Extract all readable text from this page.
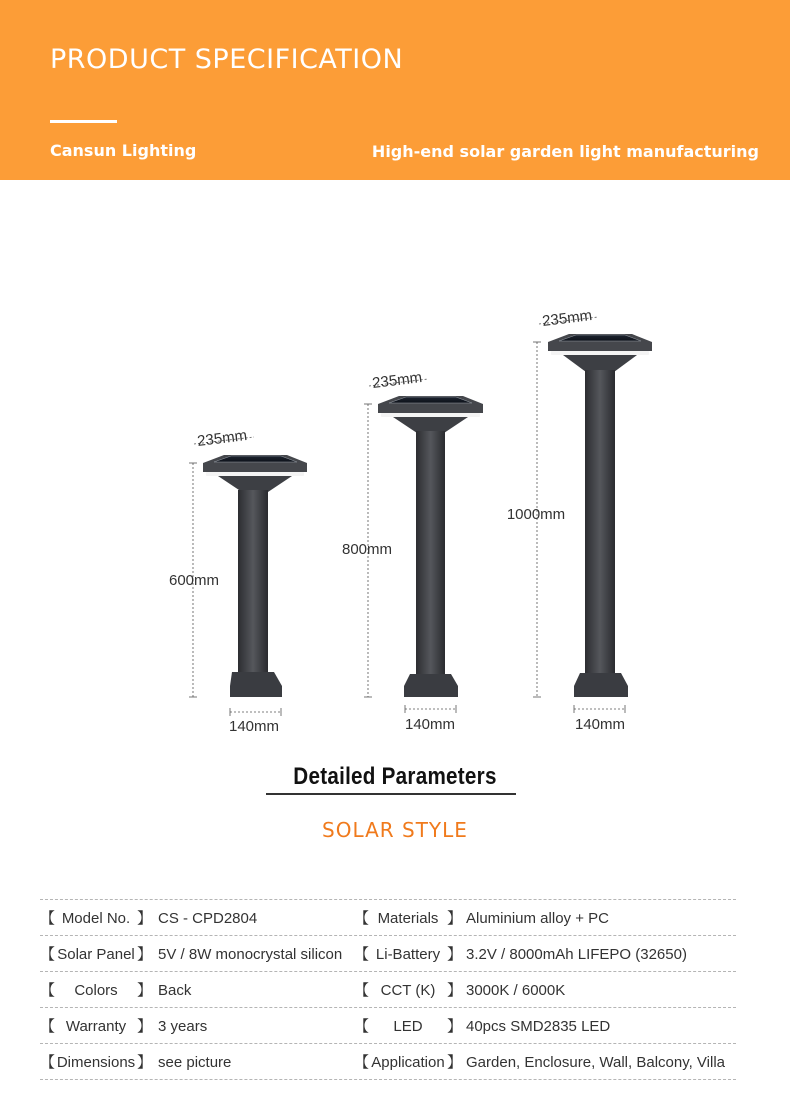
PRODUCT SPECIFICATION
Cansun Lighting	High-end solar garden light manufacturing
235mm
600mm
140mm
235mm
800mm
140mm
235mm
1000mm
140mm
Detailed Parameters
SOLAR STYLE
【 Model No. 】 CS - CPD2804	【 Materials 】 Aluminium alloy + PC
【 Solar Panel 】 5V / 8W monocrystal silicon 【 Li-Battery 】 3.2V / 8000mAh LIFEPO (32650)
【	Colors	】 Back	【 CCT (K) 】 3000K / 6000K
【 Warranty 】 3 years	【	LED	】 40pcs SMD2835 LED
【 Dimensions 】 see picture	【 Application 】 Garden, Enclosure, Wall, Balcony, Villa
